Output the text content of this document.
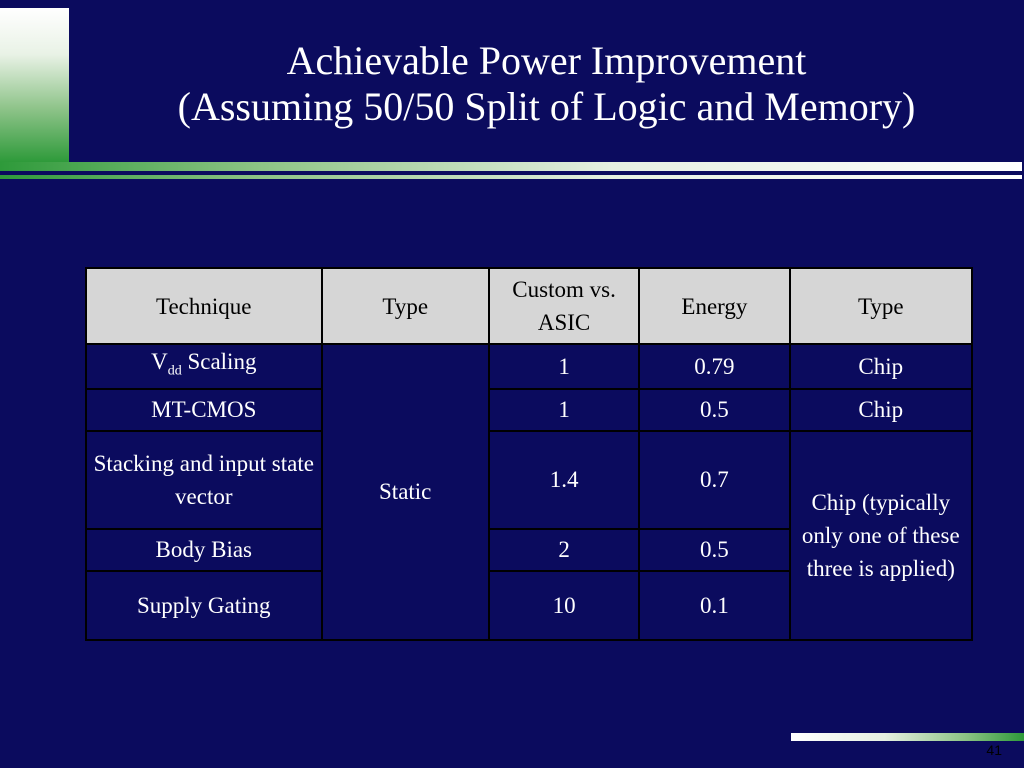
Achievable Power Improvement
(Assuming 50/50 Split of Logic and Memory)
Technique	Type	Custom vs. ASIC	Energy	Type
$V_{dd}$ Scaling	Static	1	0.79	Chip
MT-CMOS		1	0.5	Chip
Stacking and input state vector		1.4	0.7	Chip (typically only one of these three is applied)
Body Bias		2	0.5	
Supply Gating		10	0.1	
41
